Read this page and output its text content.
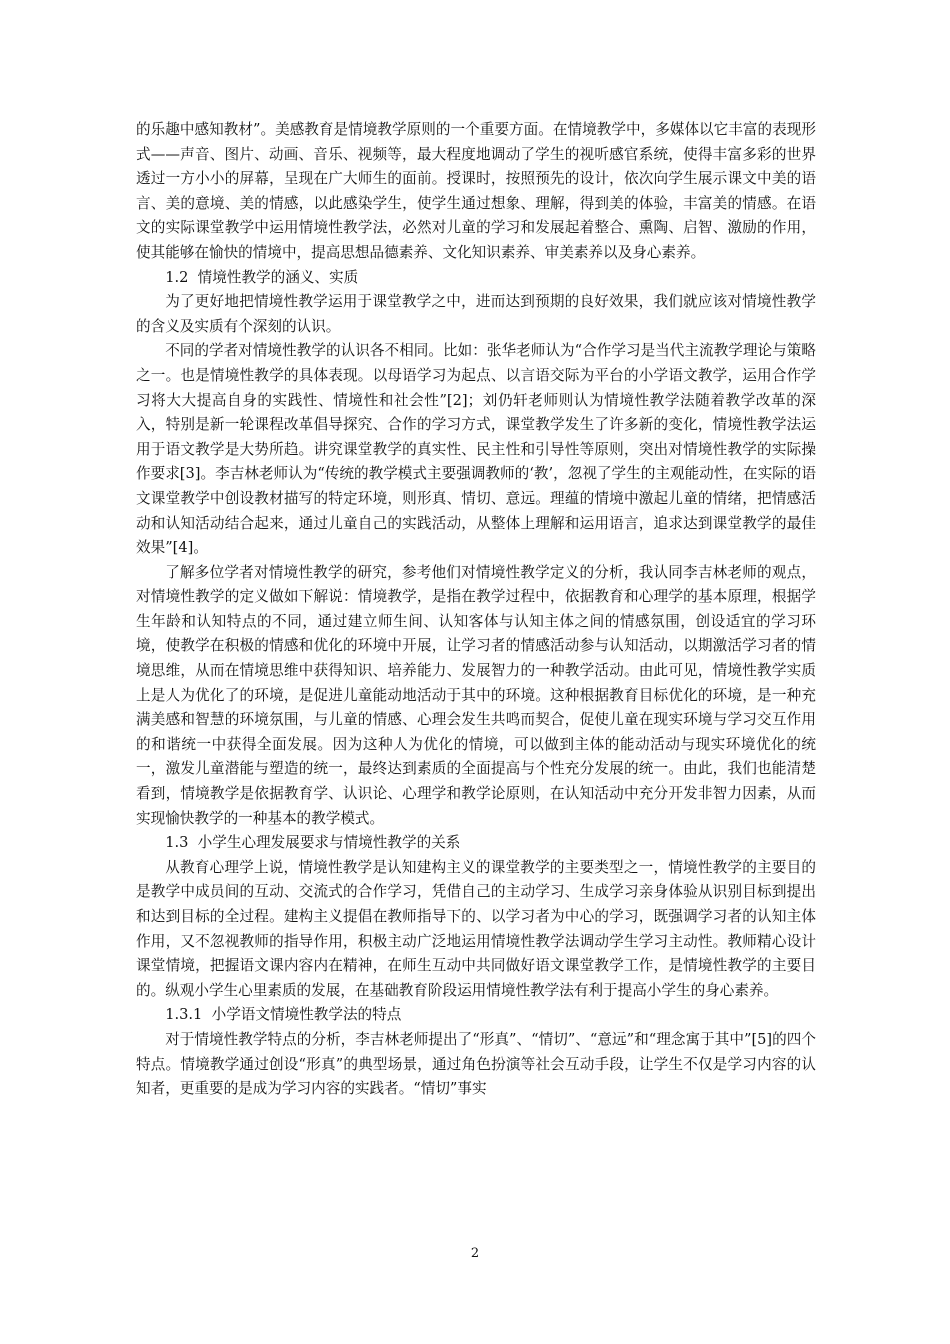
的乐趣中感知教材”。美感教育是情境教学原则的一个重要方面。在情境教学中，多媒体以它丰富的表现形式——声音、图片、动画、音乐、视频等，最大程度地调动了学生的视听感官系统，使得丰富多彩的世界透过一方小小的屏幕，呈现在广大师生的面前。授课时，按照预先的设计，依次向学生展示课文中美的语言、美的意境、美的情感，以此感染学生，使学生通过想象、理解，得到美的体验，丰富美的情感。在语文的实际课堂教学中运用情境性教学法，必然对儿童的学习和发展起着整合、熏陶、启智、激励的作用，使其能够在愉快的情境中，提高思想品德素养、文化知识素养、审美素养以及身心素养。

1.2  情境性教学的涵义、实质

为了更好地把情境性教学运用于课堂教学之中，进而达到预期的良好效果，我们就应该对情境性教学的含义及实质有个深刻的认识。

不同的学者对情境性教学的认识各不相同。比如：张华老师认为“合作学习是当代主流教学理论与策略之一。也是情境性教学的具体表现。以母语学习为起点、以言语交际为平台的小学语文教学，运用合作学习将大大提高自身的实践性、情境性和社会性”[2]；刘仍轩老师则认为情境性教学法随着教学改革的深入，特别是新一轮课程改革倡导探究、合作的学习方式，课堂教学发生了许多新的变化，情境性教学法运用于语文教学是大势所趋。讲究课堂教学的真实性、民主性和引导性等原则，突出对情境性教学的实际操作要求[3]。李吉林老师认为“传统的教学模式主要强调教师的‘教’，忽视了学生的主观能动性，在实际的语文课堂教学中创设教材描写的特定环境，则形真、情切、意远。理蕴的情境中激起儿童的情绪，把情感活动和认知活动结合起来，通过儿童自己的实践活动，从整体上理解和运用语言，追求达到课堂教学的最佳效果”[4]。

了解多位学者对情境性教学的研究，参考他们对情境性教学定义的分析，我认同李吉林老师的观点，对情境性教学的定义做如下解说：情境教学，是指在教学过程中，依据教育和心理学的基本原理，根据学生年龄和认知特点的不同，通过建立师生间、认知客体与认知主体之间的情感氛围，创设适宜的学习环境，使教学在积极的情感和优化的环境中开展，让学习者的情感活动参与认知活动，以期激活学习者的情境思维，从而在情境思维中获得知识、培养能力、发展智力的一种教学活动。由此可见，情境性教学实质上是人为优化了的环境，是促进儿童能动地活动于其中的环境。这种根据教育目标优化的环境，是一种充满美感和智慧的环境氛围，与儿童的情感、心理会发生共鸣而契合，促使儿童在现实环境与学习交互作用的和谐统一中获得全面发展。因为这种人为优化的情境，可以做到主体的能动活动与现实环境优化的统一，激发儿童潜能与塑造的统一，最终达到素质的全面提高与个性充分发展的统一。由此，我们也能清楚看到，情境教学是依据教育学、认识论、心理学和教学论原则，在认知活动中充分开发非智力因素，从而实现愉快教学的一种基本的教学模式。

1.3  小学生心理发展要求与情境性教学的关系

从教育心理学上说，情境性教学是认知建构主义的课堂教学的主要类型之一，情境性教学的主要目的是教学中成员间的互动、交流式的合作学习，凭借自己的主动学习、生成学习亲身体验从识别目标到提出和达到目标的全过程。建构主义提倡在教师指导下的、以学习者为中心的学习，既强调学习者的认知主体作用，又不忽视教师的指导作用，积极主动广泛地运用情境性教学法调动学生学习主动性。教师精心设计课堂情境，把握语文课内容内在精神，在师生互动中共同做好语文课堂教学工作，是情境性教学的主要目的。纵观小学生心里素质的发展，在基础教育阶段运用情境性教学法有利于提高小学生的身心素养。

1.3.1  小学语文情境性教学法的特点

对于情境性教学特点的分析，李吉林老师提出了“形真”、“情切”、“意远”和“理念寓于其中”[5]的四个特点。情境教学通过创设“形真”的典型场景，通过角色扮演等社会互动手段，让学生不仅是学习内容的认知者，更重要的是成为学习内容的实践者。“情切”事实

2
